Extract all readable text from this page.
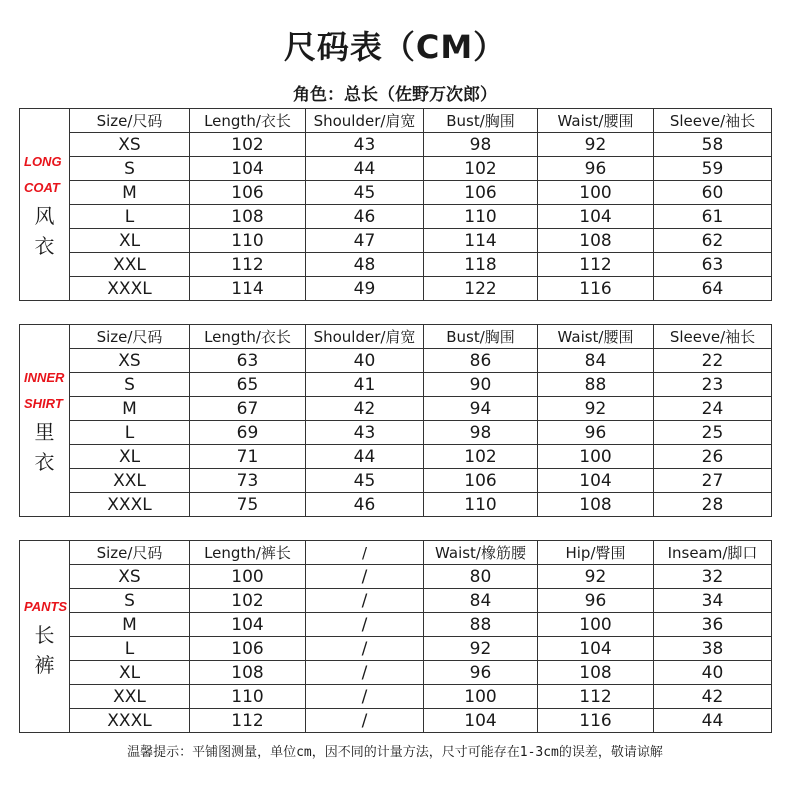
尺码表（CM）
角色：总长（佐野万次郎）
LONG
COAT
风
衣	Size/尺码	Length/衣长	Shoulder/肩宽	Bust/胸围	Waist/腰围	Sleeve/袖长
	XS	102	43	98	92	58
	S	104	44	102	96	59
	M	106	45	106	100	60
	L	108	46	110	104	61
	XL	110	47	114	108	62
	XXL	112	48	118	112	63
	XXXL	114	49	122	116	64
INNER
SHIRT
里
衣	Size/尺码	Length/衣长	Shoulder/肩宽	Bust/胸围	Waist/腰围	Sleeve/袖长
	XS	63	40	86	84	22
	S	65	41	90	88	23
	M	67	42	94	92	24
	L	69	43	98	96	25
	XL	71	44	102	100	26
	XXL	73	45	106	104	27
	XXXL	75	46	110	108	28
PANTS
长
裤	Size/尺码	Length/裤长	/	Waist/橡筋腰	Hip/臀围	Inseam/脚口
	XS	100	/	80	92	32
	S	102	/	84	96	34
	M	104	/	88	100	36
	L	106	/	92	104	38
	XL	108	/	96	108	40
	XXL	110	/	100	112	42
	XXXL	112	/	104	116	44
温馨提示：平铺图测量，单位cm，因不同的计量方法，尺寸可能存在1-3cm的误差，敬请谅解
